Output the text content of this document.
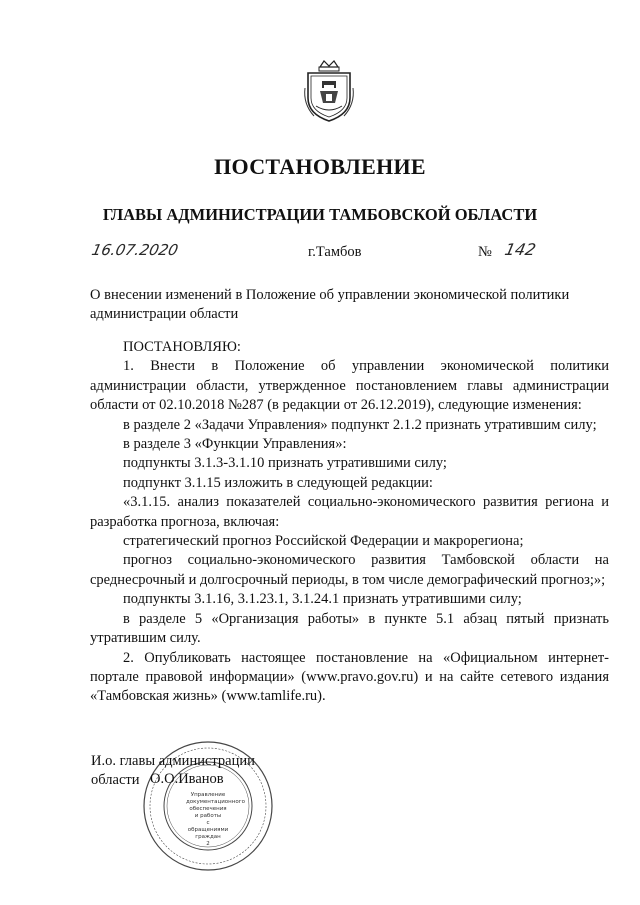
ПОСТАНОВЛЕНИЕ
ГЛАВЫ АДМИНИСТРАЦИИ ТАМБОВСКОЙ ОБЛАСТИ
16.07.2020	г.Тамбов	№ 142
О внесении изменений в Положение об управлении экономической политики администрации области

ПОСТАНОВЛЯЮ:

1. Внести в Положение об управлении экономической политики администрации области, утвержденное постановлением главы администрации области от 02.10.2018 №287 (в редакции от 26.12.2019), следующие изменения:

в разделе 2 «Задачи Управления» подпункт 2.1.2 признать утратившим силу;

в разделе 3 «Функции Управления»:

подпункты 3.1.3-3.1.10 признать утратившими силу;

подпункт 3.1.15 изложить в следующей редакции:

«3.1.15. анализ показателей социально-экономического развития региона и разработка прогноза, включая:

стратегический прогноз Российской Федерации и макрорегиона;

прогноз социально-экономического развития Тамбовской области на среднесрочный и долгосрочный периоды, в том числе демографический прогноз;»;

подпункты 3.1.16, 3.1.23.1, 3.1.24.1 признать утратившими силу;

в разделе 5 «Организация работы» в пункте 5.1 абзац пятый признать утратившим силу.

2. Опубликовать настоящее постановление на «Официальном интернет-портале правовой информации» (www.pravo.gov.ru) и на сайте сетевого издания «Тамбовская жизнь» (www.tamlife.ru).

Управление
документационного
обеспечения
и работы
с обращениями
граждан
2
И.о. главы администрации
области О.О.Иванов
